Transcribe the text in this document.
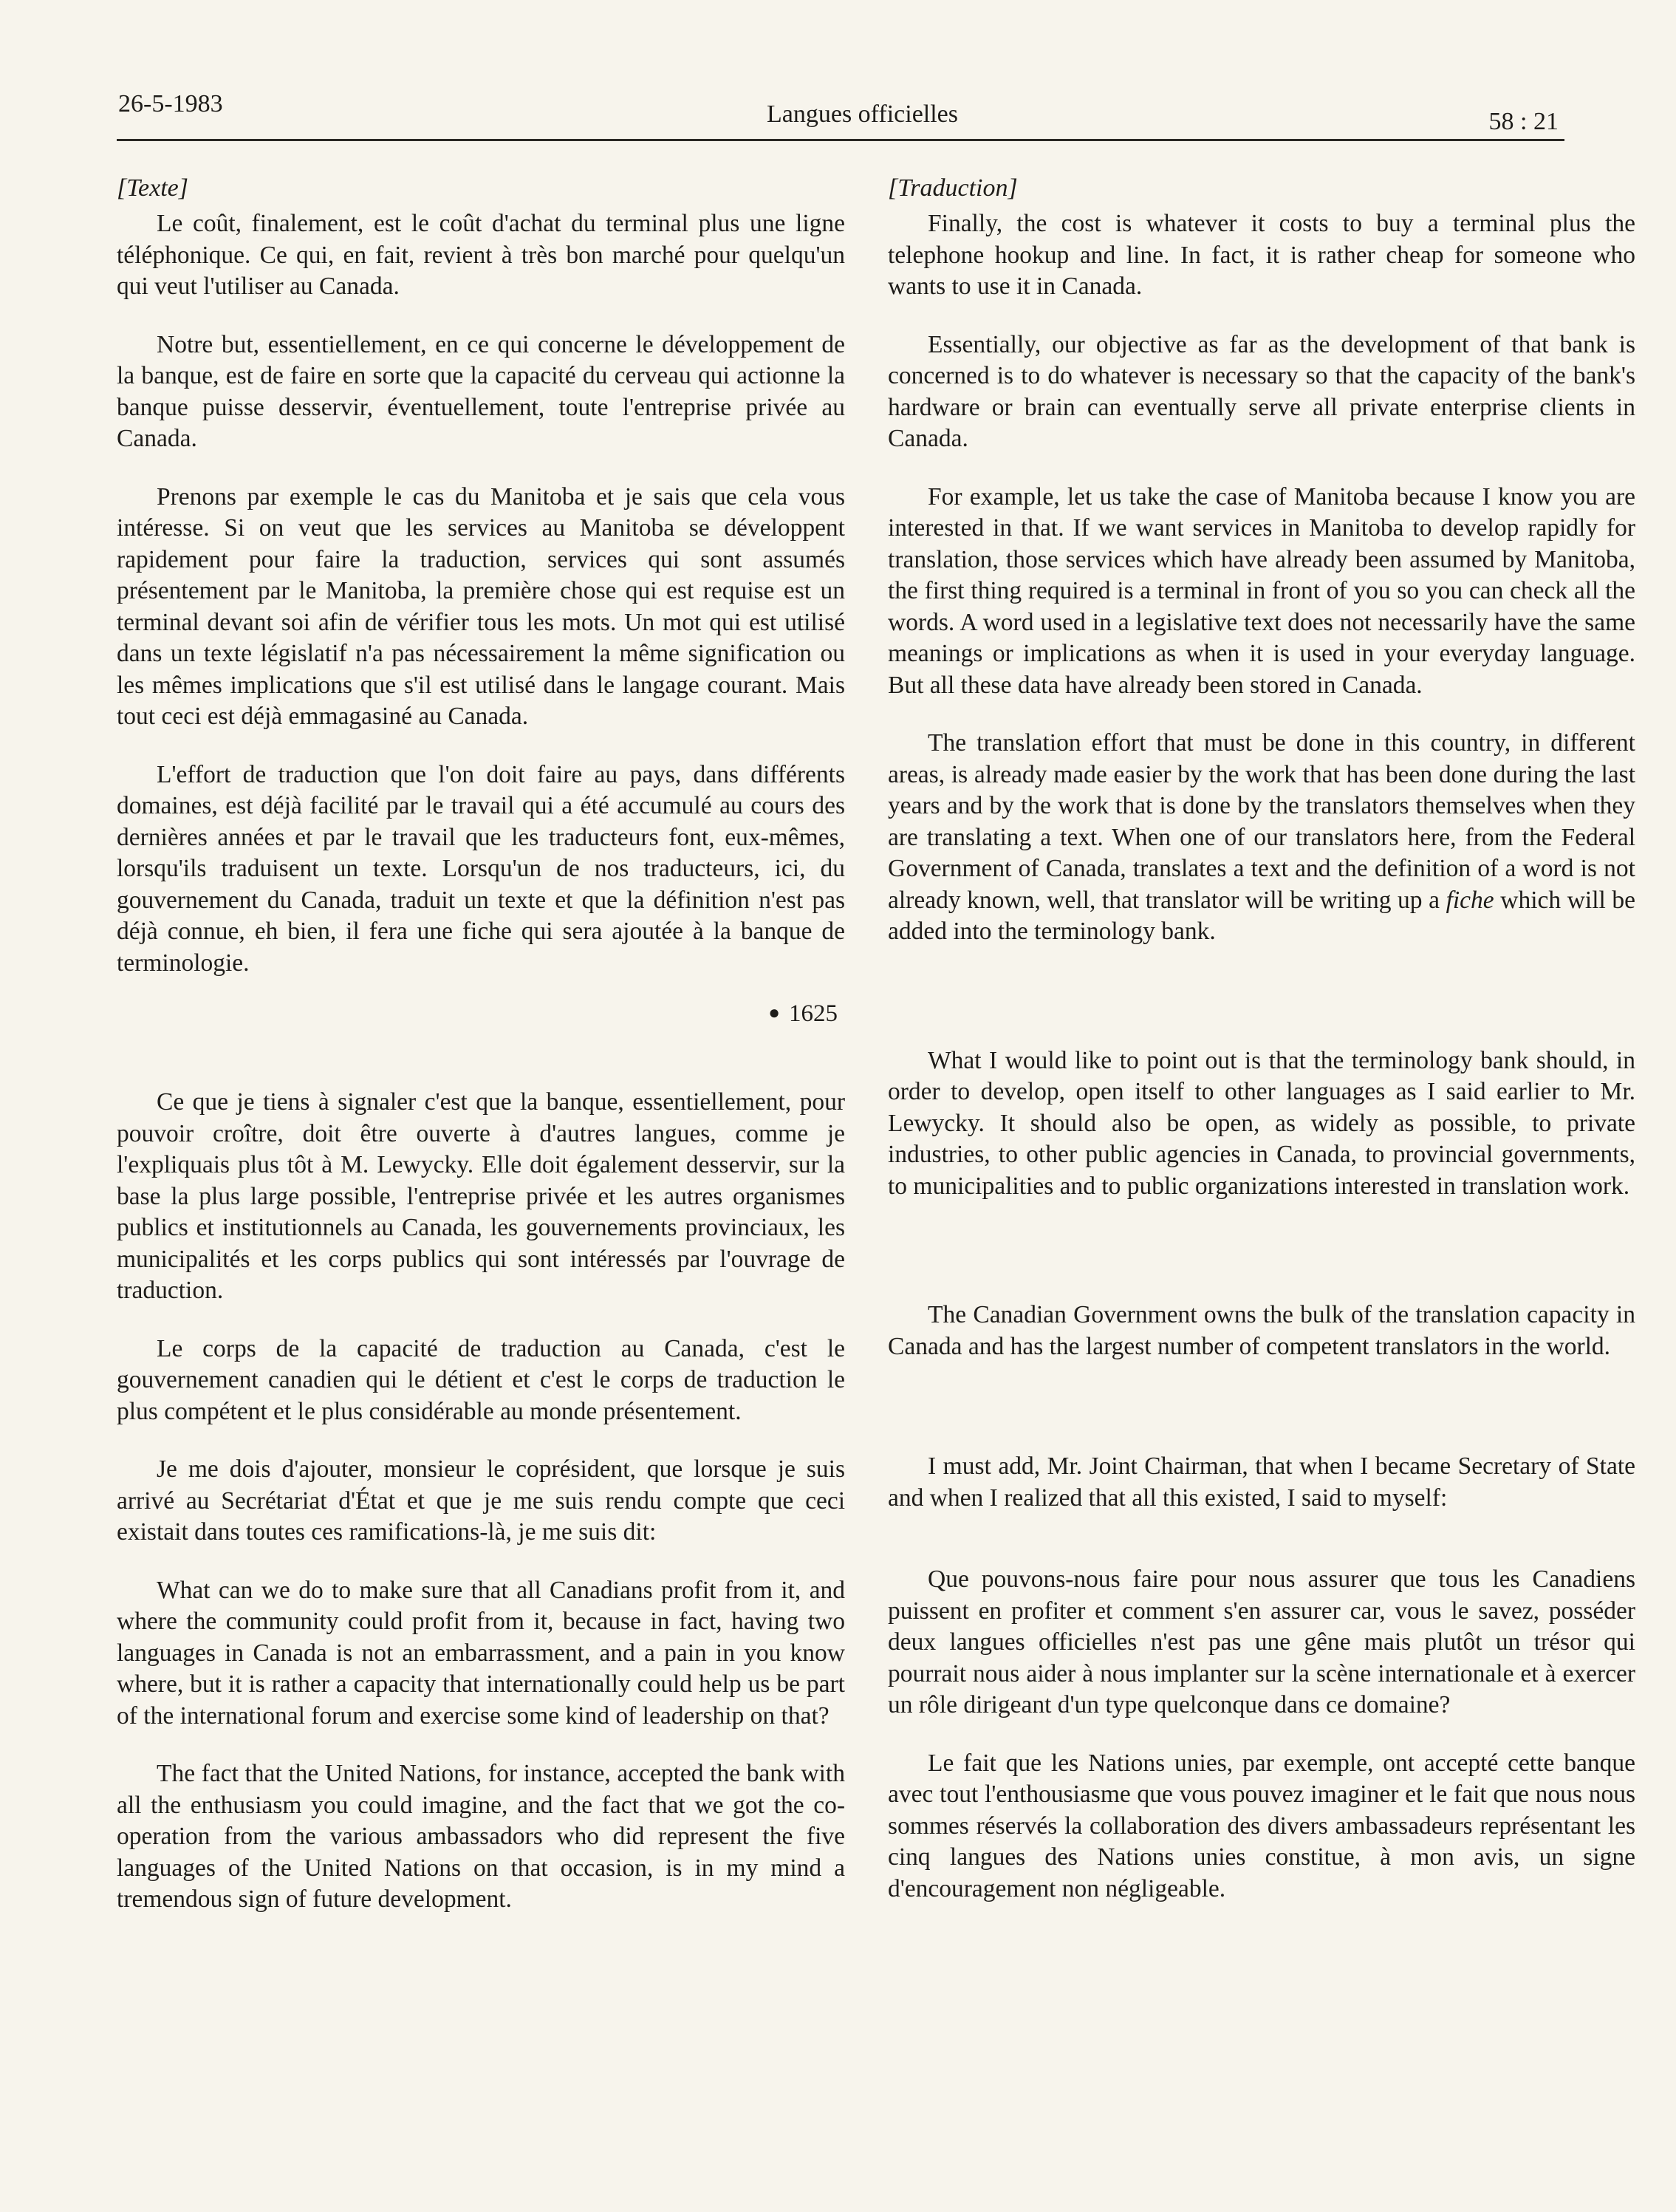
26-5-1983	Langues officielles	58 : 21
[Texte]

Le coût, finalement, est le coût d'achat du terminal plus une ligne téléphonique. Ce qui, en fait, revient à très bon marché pour quelqu'un qui veut l'utiliser au Canada.

Notre but, essentiellement, en ce qui concerne le développement de la banque, est de faire en sorte que la capacité du cerveau qui actionne la banque puisse desservir, éventuellement, toute l'entreprise privée au Canada.

Prenons par exemple le cas du Manitoba et je sais que cela vous intéresse. Si on veut que les services au Manitoba se développent rapidement pour faire la traduction, services qui sont assumés présentement par le Manitoba, la première chose qui est requise est un terminal devant soi afin de vérifier tous les mots. Un mot qui est utilisé dans un texte législatif n'a pas nécessairement la même signification ou les mêmes implications que s'il est utilisé dans le langage courant. Mais tout ceci est déjà emmagasiné au Canada.

L'effort de traduction que l'on doit faire au pays, dans différents domaines, est déjà facilité par le travail qui a été accumulé au cours des dernières années et par le travail que les traducteurs font, eux-mêmes, lorsqu'ils traduisent un texte. Lorsqu'un de nos traducteurs, ici, du gouvernement du Canada, traduit un texte et que la définition n'est pas déjà connue, eh bien, il fera une fiche qui sera ajoutée à la banque de terminologie.

● 1625

Ce que je tiens à signaler c'est que la banque, essentiellement, pour pouvoir croître, doit être ouverte à d'autres langues, comme je l'expliquais plus tôt à M. Lewycky. Elle doit également desservir, sur la base la plus large possible, l'entreprise privée et les autres organismes publics et institutionnels au Canada, les gouvernements provinciaux, les municipalités et les corps publics qui sont intéressés par l'ouvrage de traduction.

Le corps de la capacité de traduction au Canada, c'est le gouvernement canadien qui le détient et c'est le corps de traduction le plus compétent et le plus considérable au monde présentement.

Je me dois d'ajouter, monsieur le coprésident, que lorsque je suis arrivé au Secrétariat d'État et que je me suis rendu compte que ceci existait dans toutes ces ramifications-là, je me suis dit:

What can we do to make sure that all Canadians profit from it, and where the community could profit from it, because in fact, having two languages in Canada is not an embarrassment, and a pain in you know where, but it is rather a capacity that internationally could help us be part of the international forum and exercise some kind of leadership on that?

The fact that the United Nations, for instance, accepted the bank with all the enthusiasm you could imagine, and the fact that we got the co-operation from the various ambassadors who did represent the five languages of the United Nations on that occasion, is in my mind a tremendous sign of future development.

[Traduction]

Finally, the cost is whatever it costs to buy a terminal plus the telephone hookup and line. In fact, it is rather cheap for someone who wants to use it in Canada.

Essentially, our objective as far as the development of that bank is concerned is to do whatever is necessary so that the capacity of the bank's hardware or brain can eventually serve all private enterprise clients in Canada.

For example, let us take the case of Manitoba because I know you are interested in that. If we want services in Manitoba to develop rapidly for translation, those services which have already been assumed by Manitoba, the first thing required is a terminal in front of you so you can check all the words. A word used in a legislative text does not necessarily have the same meanings or implications as when it is used in your everyday language. But all these data have already been stored in Canada.

The translation effort that must be done in this country, in different areas, is already made easier by the work that has been done during the last years and by the work that is done by the translators themselves when they are translating a text. When one of our translators here, from the Federal Government of Canada, translates a text and the definition of a word is not already known, well, that translator will be writing up a fiche which will be added into the terminology bank.

What I would like to point out is that the terminology bank should, in order to develop, open itself to other languages as I said earlier to Mr. Lewycky. It should also be open, as widely as possible, to private industries, to other public agencies in Canada, to provincial governments, to municipalities and to public organizations interested in translation work.

The Canadian Government owns the bulk of the translation capacity in Canada and has the largest number of competent translators in the world.

I must add, Mr. Joint Chairman, that when I became Secretary of State and when I realized that all this existed, I said to myself:

Que pouvons-nous faire pour nous assurer que tous les Canadiens puissent en profiter et comment s'en assurer car, vous le savez, posséder deux langues officielles n'est pas une gêne mais plutôt un trésor qui pourrait nous aider à nous implanter sur la scène internationale et à exercer un rôle dirigeant d'un type quelconque dans ce domaine?

Le fait que les Nations unies, par exemple, ont accepté cette banque avec tout l'enthousiasme que vous pouvez imaginer et le fait que nous nous sommes réservés la collaboration des divers ambassadeurs représentant les cinq langues des Nations unies constitue, à mon avis, un signe d'encouragement non négligeable.
